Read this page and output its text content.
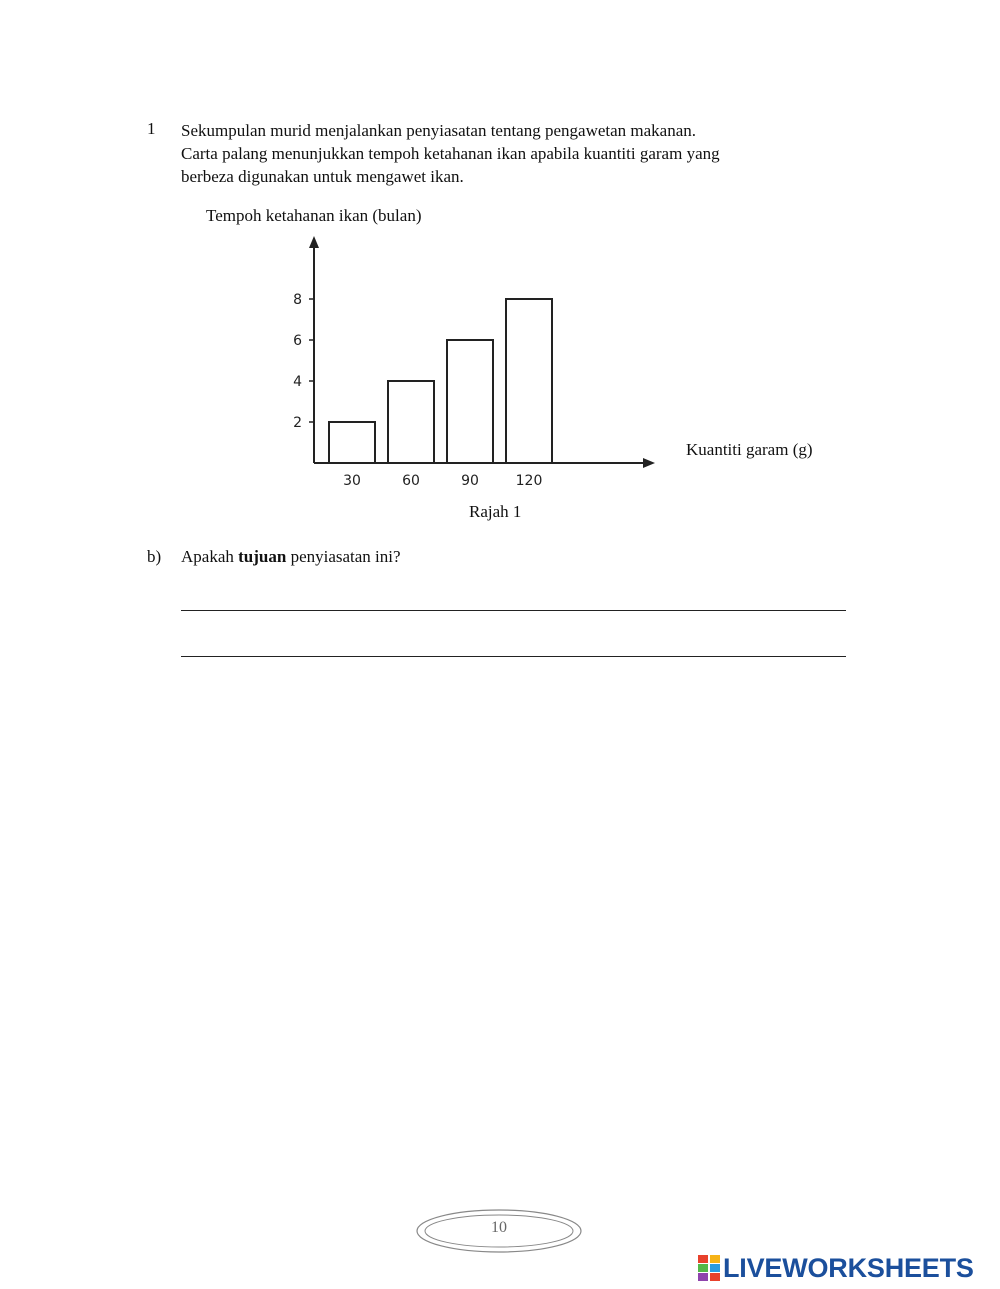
1 Sekumpulan murid menjalankan penyiasatan tentang pengawetan makanan.
Carta palang menunjukkan tempoh ketahanan ikan apabila kuantiti garam yang
berbeza digunakan untuk mengawet ikan.
Tempoh ketahanan ikan (bulan)
Kuantiti garam (g)
2
4
6
8
30	60	90	120
Rajah 1
b) Apakah tujuan penyiasatan ini?
10
LIVEWORKSHEETS
